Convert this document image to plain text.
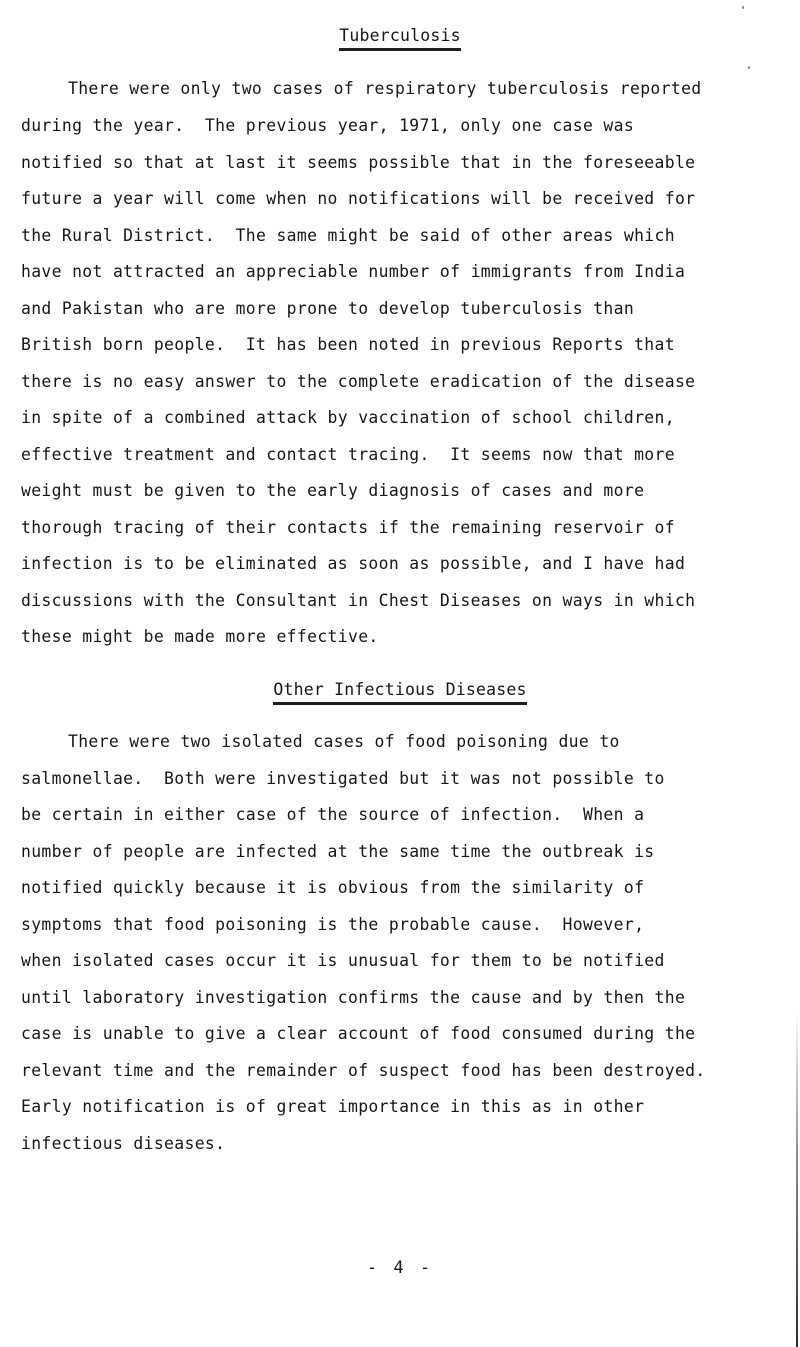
Tuberculosis
There were only two cases of respiratory tuberculosis reported
during the year.  The previous year, 1971, only one case was
notified so that at last it seems possible that in the foreseeable
future a year will come when no notifications will be received for
the Rural District.  The same might be said of other areas which
have not attracted an appreciable number of immigrants from India
and Pakistan who are more prone to develop tuberculosis than
British born people.  It has been noted in previous Reports that
there is no easy answer to the complete eradication of the disease
in spite of a combined attack by vaccination of school children,
effective treatment and contact tracing.  It seems now that more
weight must be given to the early diagnosis of cases and more
thorough tracing of their contacts if the remaining reservoir of
infection is to be eliminated as soon as possible, and I have had
discussions with the Consultant in Chest Diseases on ways in which
these might be made more effective.
Other Infectious Diseases
There were two isolated cases of food poisoning due to
salmonellae.  Both were investigated but it was not possible to
be certain in either case of the source of infection.  When a
number of people are infected at the same time the outbreak is
notified quickly because it is obvious from the similarity of
symptoms that food poisoning is the probable cause.  However,
when isolated cases occur it is unusual for them to be notified
until laboratory investigation confirms the cause and by then the
case is unable to give a clear account of food consumed during the
relevant time and the remainder of suspect food has been destroyed.
Early notification is of great importance in this as in other
infectious diseases.
- 4 -
